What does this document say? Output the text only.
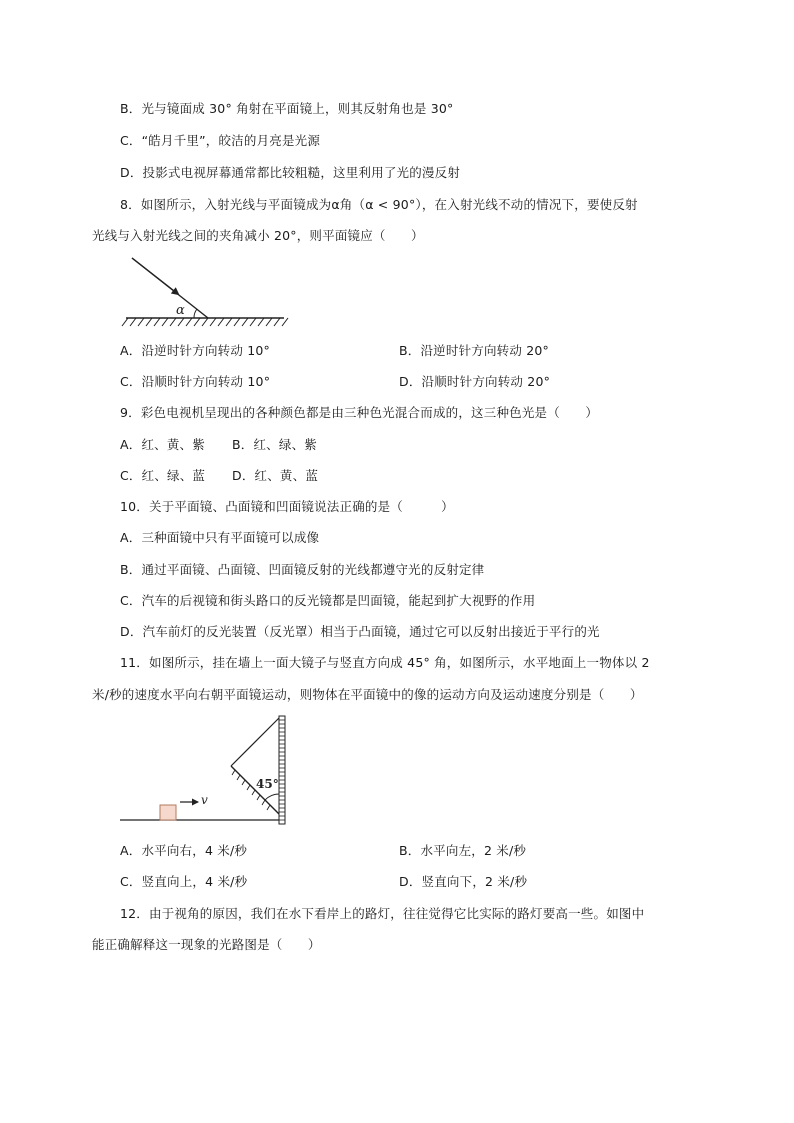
B．光与镜面成 30° 角射在平面镜上，则其反射角也是 30°
C．“皓月千里”，皎洁的月亮是光源
D．投影式电视屏幕通常都比较粗糙，这里利用了光的漫反射
8．如图所示，入射光线与平面镜成为α角（α < 90°），在入射光线不动的情况下，要使反射
光线与入射光线之间的夹角减小 20°，则平面镜应（　　）
α
A．沿逆时针方向转动 10°	B．沿逆时针方向转动 20°
C．沿顺时针方向转动 10°	D．沿顺时针方向转动 20°
9．彩色电视机呈现出的各种颜色都是由三种色光混合而成的，这三种色光是（　　）
A．红、黄、紫 B．红、绿、紫
C．红、绿、蓝 D．红、黄、蓝
10．关于平面镜、凸面镜和凹面镜说法正确的是（　　　）
A．三种面镜中只有平面镜可以成像
B．通过平面镜、凸面镜、凹面镜反射的光线都遵守光的反射定律
C．汽车的后视镜和街头路口的反光镜都是凹面镜，能起到扩大视野的作用
D．汽车前灯的反光装置（反光罩）相当于凸面镜，通过它可以反射出接近于平行的光
11．如图所示，挂在墙上一面大镜子与竖直方向成 45° 角，如图所示，水平地面上一物体以 2
米/秒的速度水平向右朝平面镜运动，则物体在平面镜中的像的运动方向及运动速度分别是（　　）
45°
v
A．水平向右，4 米/秒	B．水平向左，2 米/秒
C．竖直向上，4 米/秒	D．竖直向下，2 米/秒
12．由于视角的原因，我们在水下看岸上的路灯，往往觉得它比实际的路灯要高一些。如图中
能正确解释这一现象的光路图是（　　）
